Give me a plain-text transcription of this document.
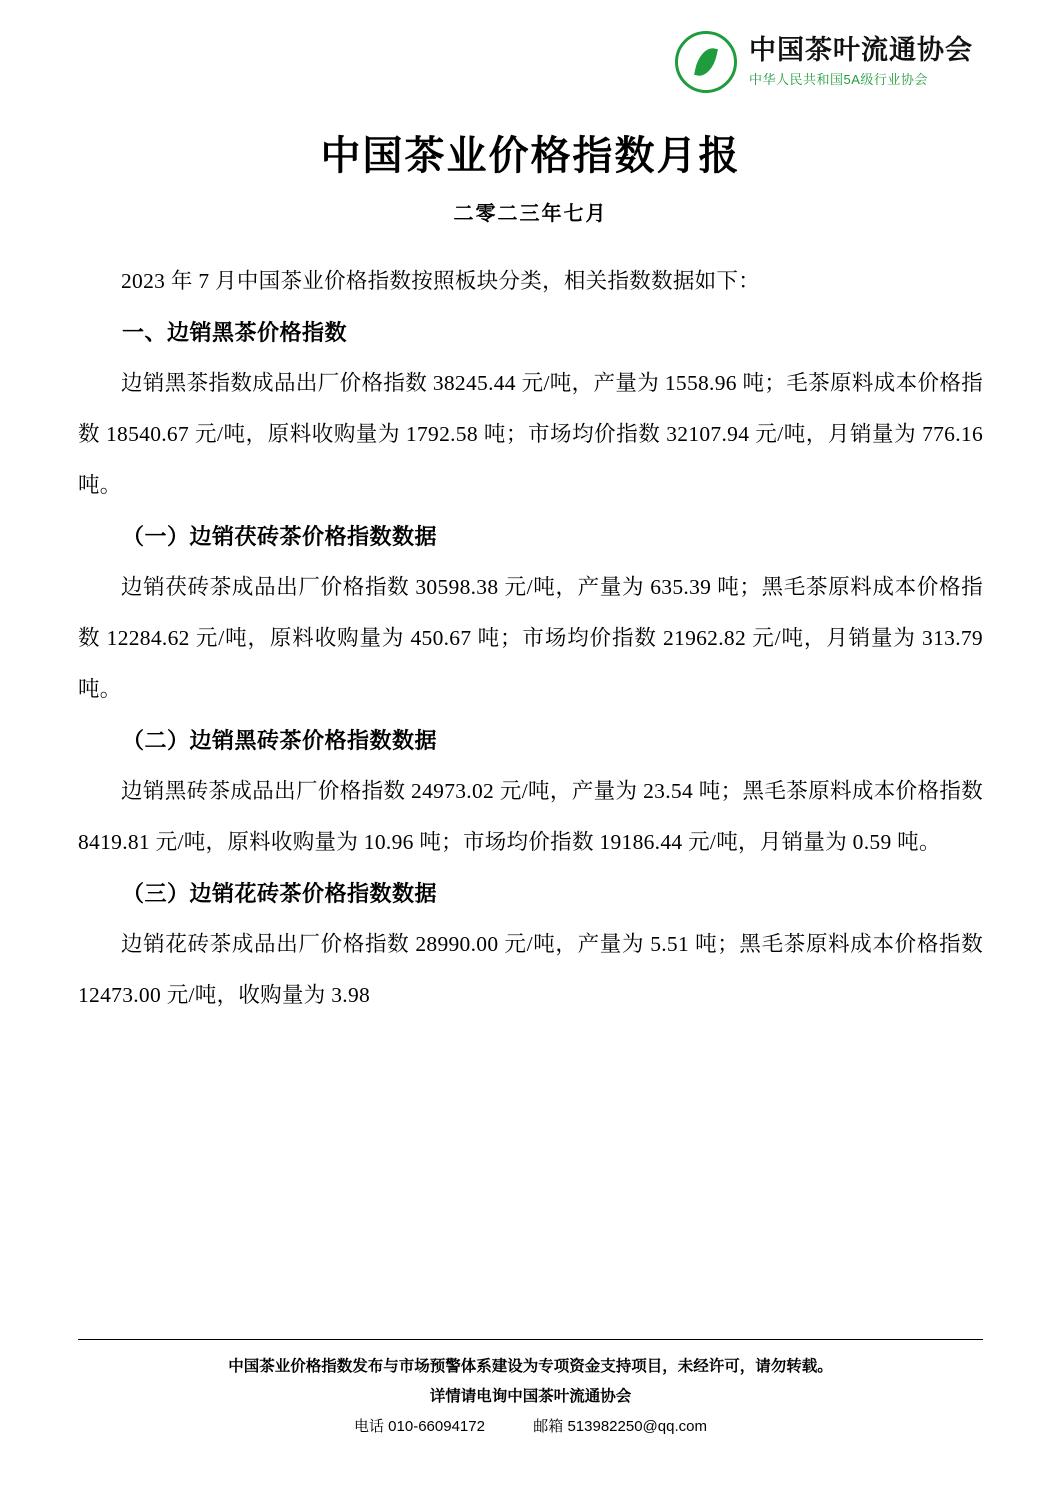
中国茶叶流通协会
中华人民共和国5A级行业协会
中国茶业价格指数月报
二零二三年七月

2023 年 7 月中国茶业价格指数按照板块分类，相关指数数据如下：

一、边销黑茶价格指数

边销黑茶指数成品出厂价格指数 38245.44 元/吨，产量为 1558.96 吨；毛茶原料成本价格指数 18540.67 元/吨，原料收购量为 1792.58 吨；市场均价指数 32107.94 元/吨，月销量为 776.16 吨。

（一）边销茯砖茶价格指数数据

边销茯砖茶成品出厂价格指数 30598.38 元/吨，产量为 635.39 吨；黑毛茶原料成本价格指数 12284.62 元/吨，原料收购量为 450.67 吨；市场均价指数 21962.82 元/吨，月销量为 313.79 吨。

（二）边销黑砖茶价格指数数据

边销黑砖茶成品出厂价格指数 24973.02 元/吨，产量为 23.54 吨；黑毛茶原料成本价格指数 8419.81 元/吨，原料收购量为 10.96 吨；市场均价指数 19186.44 元/吨，月销量为 0.59 吨。

（三）边销花砖茶价格指数数据

边销花砖茶成品出厂价格指数 28990.00 元/吨，产量为 5.51 吨；黑毛茶原料成本价格指数 12473.00 元/吨，收购量为 3.98

中国茶业价格指数发布与市场预警体系建设为专项资金支持项目，未经许可，请勿转载。
详情请电询中国茶叶流通协会
电话 010-66094172	邮箱 513982250@qq.com
